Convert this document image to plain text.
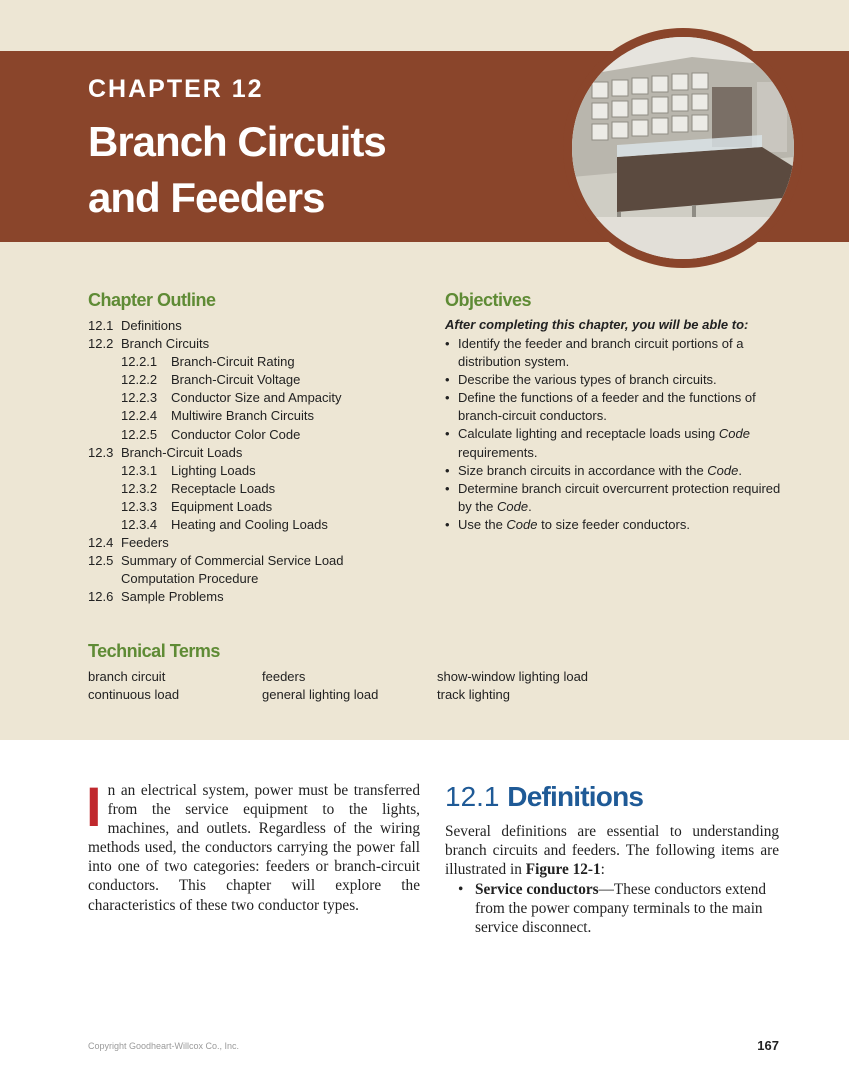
CHAPTER 12
Branch Circuits
and Feeders
Chapter Outline
12.1 Definitions
12.2 Branch Circuits
12.2.1 Branch-Circuit Rating
12.2.2 Branch-Circuit Voltage
12.2.3 Conductor Size and Ampacity
12.2.4 Multiwire Branch Circuits
12.2.5 Conductor Color Code
12.3 Branch-Circuit Loads
12.3.1 Lighting Loads
12.3.2 Receptacle Loads
12.3.3 Equipment Loads
12.3.4 Heating and Cooling Loads
12.4 Feeders
12.5 Summary of Commercial Service Load
Computation Procedure
12.6 Sample Problems
Objectives
After completing this chapter, you will be able to:
• Identify the feeder and branch circuit portions of a distribution system.
• Describe the various types of branch circuits.
• Define the functions of a feeder and the functions of branch-circuit conductors.
• Calculate lighting and receptacle loads using Code requirements.
• Size branch circuits in accordance with the Code.
• Determine branch circuit overcurrent protection required by the Code.
• Use the Code to size feeder conductors.
Technical Terms
branch circuit
continuous load
feeders
general lighting load
show-window lighting load
track lighting
In an electrical system, power must be transferred from the service equipment to the lights, machines, and outlets. Regardless of the wiring methods used, the conductors carrying the power fall into one of two categories: feeders or branch-circuit conductors. This chapter will explore the characteristics of these two conductor types.
12.1 Definitions
Several definitions are essential to understanding branch circuits and feeders. The following items are illustrated in Figure 12-1:
• Service conductors—These conductors extend from the power company terminals to the main service disconnect.
Copyright Goodheart-Willcox Co., Inc.	167
